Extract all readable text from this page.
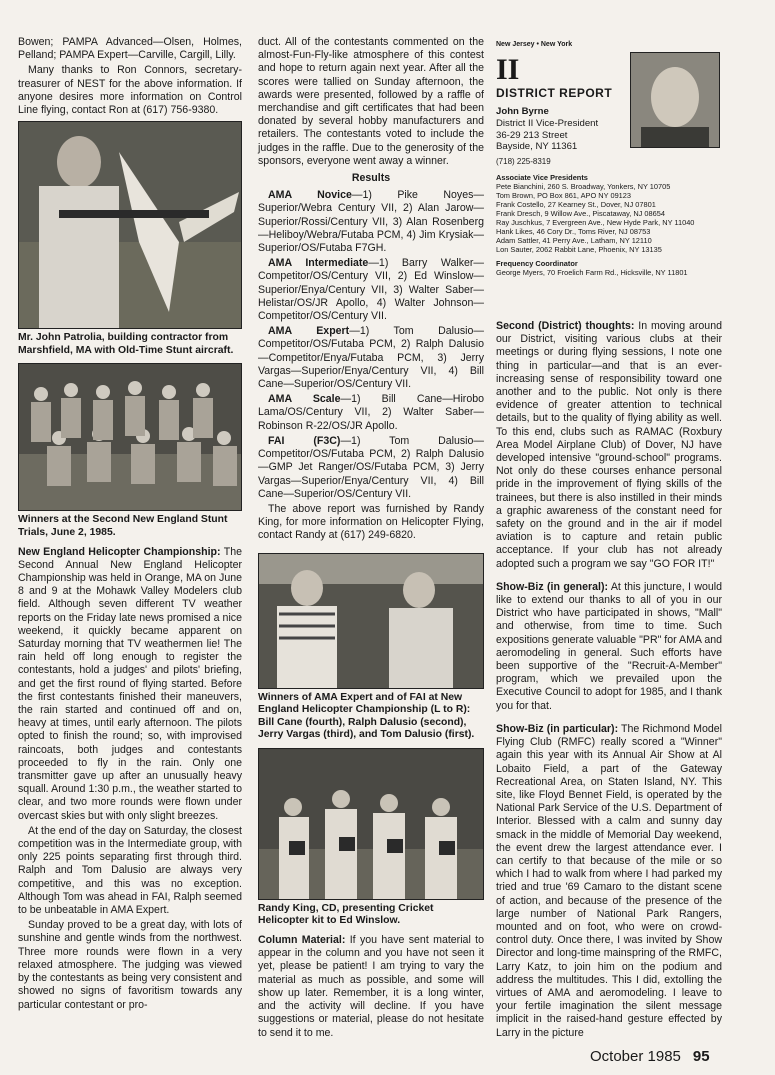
Bowen; PAMPA Advanced—Olsen, Holmes, Pelland; PAMPA Expert—Carville, Cargill, Lilly.

Many thanks to Ron Connors, secretary-treasurer of NEST for the above information. If anyone desires more information on Control Line flying, contact Ron at (617) 756-9380.

Mr. John Patrolia, building contractor from Marshfield, MA with Old-Time Stunt aircraft.
Winners at the Second New England Stunt Trials, June 2, 1985.

New England Helicopter Championship: The Second Annual New England Helicopter Championship was held in Orange, MA on June 8 and 9 at the Mohawk Valley Modelers club field. Although seven different TV weather reports on the Friday late news promised a nice weekend, it quickly became apparent on Saturday morning that TV weathermen lie! The rain held off long enough to register the contestants, hold a judges' and pilots' briefing, and get the first round of flying started. Before the first contestants finished their maneuvers, the rain started and continued off and on, heavy at times, until early afternoon. The pilots opted to finish the round; so, with improvised raincoats, both judges and contestants proceeded to fly in the rain. Only one transmitter gave up after an unusually heavy squall. Around 1:30 p.m., the weather started to clear, and two more rounds were flown under overcast skies but with only slight breezes.

At the end of the day on Saturday, the closest competition was in the Intermediate group, with only 225 points separating first through third. Ralph and Tom Dalusio are always very competitive, and this was no exception. Although Tom was ahead in FAI, Ralph seemed to be unbeatable in AMA Expert.

Sunday proved to be a great day, with lots of sunshine and gentle winds from the northwest. Three more rounds were flown in a very relaxed atmosphere. The judging was viewed by the contestants as being very consistent and showed no signs of favoritism towards any particular contestant or pro-

duct. All of the contestants commented on the almost-Fun-Fly-like atmosphere of this contest and hope to return again next year. After all the scores were tallied on Sunday afternoon, the awards were presented, followed by a raffle of merchandise and gift certificates that had been donated by several hobby manufacturers and retailers. The contestants voted to include the judges in the raffle. Due to the generosity of the sponsors, everyone went away a winner.

Results

AMA Novice—1) Pike Noyes—Superior/Webra Century VII, 2) Alan Jarow—Superior/Rossi/Century VII, 3) Alan Rosenberg—Heliboy/Webra/Futaba PCM, 4) Jim Krysiak—Superior/OS/Futaba F7GH.

AMA Intermediate—1) Barry Walker—Competitor/OS/Century VII, 2) Ed Winslow—Superior/Enya/Century VII, 3) Walter Saber—Helistar/OS/JR Apollo, 4) Walter Johnson—Competitor/OS/Century VII.

AMA Expert—1) Tom Dalusio—Competitor/OS/Futaba PCM, 2) Ralph Dalusio—Competitor/Enya/Futaba PCM, 3) Jerry Vargas—Superior/Enya/Century VII, 4) Bill Cane—Superior/OS/Century VII.

AMA Scale—1) Bill Cane—Hirobo Lama/OS/Century VII, 2) Walter Saber—Robinson R-22/OS/JR Apollo.

FAI (F3C)—1) Tom Dalusio—Competitor/OS/Futaba PCM, 2) Ralph Dalusio—GMP Jet Ranger/OS/Futaba PCM, 3) Jerry Vargas—Superior/Enya/Century VII, 4) Bill Cane—Superior/OS/Century VII.

The above report was furnished by Randy King, for more information on Helicopter Flying, contact Randy at (617) 249-6820.

Winners of AMA Expert and of FAI at New England Helicopter Championship (L to R): Bill Cane (fourth), Ralph Dalusio (second), Jerry Vargas (third), and Tom Dalusio (first).
Randy King, CD, presenting Cricket Helicopter kit to Ed Winslow.

Column Material: If you have sent material to appear in the column and you have not seen it yet, please be patient! I am trying to vary the material as much as possible, and some will show up later. Remember, it is a long winter, and the activity will decline. If you have suggestions or material, please do not hesitate to send it to me.

New Jersey • New York
II
DISTRICT REPORT
John Byrne
District II Vice-President
36-29 213 Street
Bayside, NY 11361
(718) 225-8319
Associate Vice Presidents
Pete Bianchini, 260 S. Broadway, Yonkers, NY 10705
Tom Brown, PO Box 861, APO NY 09123
Frank Costello, 27 Kearney St., Dover, NJ 07801
Frank Dresch, 9 Willow Ave., Piscataway, NJ 08654
Ray Juschkus, 7 Evergreen Ave., New Hyde Park, NY 11040
Hank Likes, 46 Cory Dr., Toms River, NJ 08753
Adam Sattler, 41 Perry Ave., Latham, NY 12110
Lon Sauter, 2062 Rabbit Lane, Phoenix, NY 13135
Frequency Coordinator
George Myers, 70 Froelich Farm Rd., Hicksville, NY 11801

Second (District) thoughts: In moving around our District, visiting various clubs at their meetings or during flying sessions, I note one thing in particular—and that is an ever-increasing sense of responsibility toward one another and to the public. Not only is there evidence of greater attention to technical details, but to the quality of flying ability as well. To this end, clubs such as RAMAC (Roxbury Area Model Airplane Club) of Dover, NJ have developed intensive "ground-school" programs. Not only do these courses enhance personal pride in the improvement of flying skills of the trainees, but there is also instilled in their minds a graphic awareness of the constant need for safety on the ground and in the air if model aviation is to capture and retain public acceptance. If your club has not already adopted such a program we say "GO FOR IT!"

Show-Biz (in general): At this juncture, I would like to extend our thanks to all of you in our District who have participated in shows, "Mall" and otherwise, from time to time. Such expositions generate valuable "PR" for AMA and aeromodeling in general. Such efforts have been supportive of the "Recruit-A-Member" program, which we prevailed upon the Executive Council to adopt for 1985, and I thank you for that.

Show-Biz (in particular): The Richmond Model Flying Club (RMFC) really scored a "Winner" again this year with its Annual Air Show at Al Lobaito Field, a part of the Gateway Recreational Area, on Staten Island, NY. This site, like Floyd Bennet Field, is operated by the National Park Service of the U.S. Department of Interior. Blessed with a calm and sunny day smack in the middle of Memorial Day weekend, the event drew the largest attendance ever. I can certify to that because of the mile or so which I had to walk from where I had parked my tried and true '69 Camaro to the distant scene of action, and because of the presence of the large number of National Park Rangers, mounted and on foot, who were on crowd-control duty. Once there, I was invited by Show Director and long-time mainspring of the RMFC, Larry Katz, to join him on the podium and address the multitudes. This I did, extolling the virtues of AMA and aeromodeling. I leave to your fertile imagination the silent message implicit in the raised-hand gesture effected by Larry in the picture

October 1985 95
